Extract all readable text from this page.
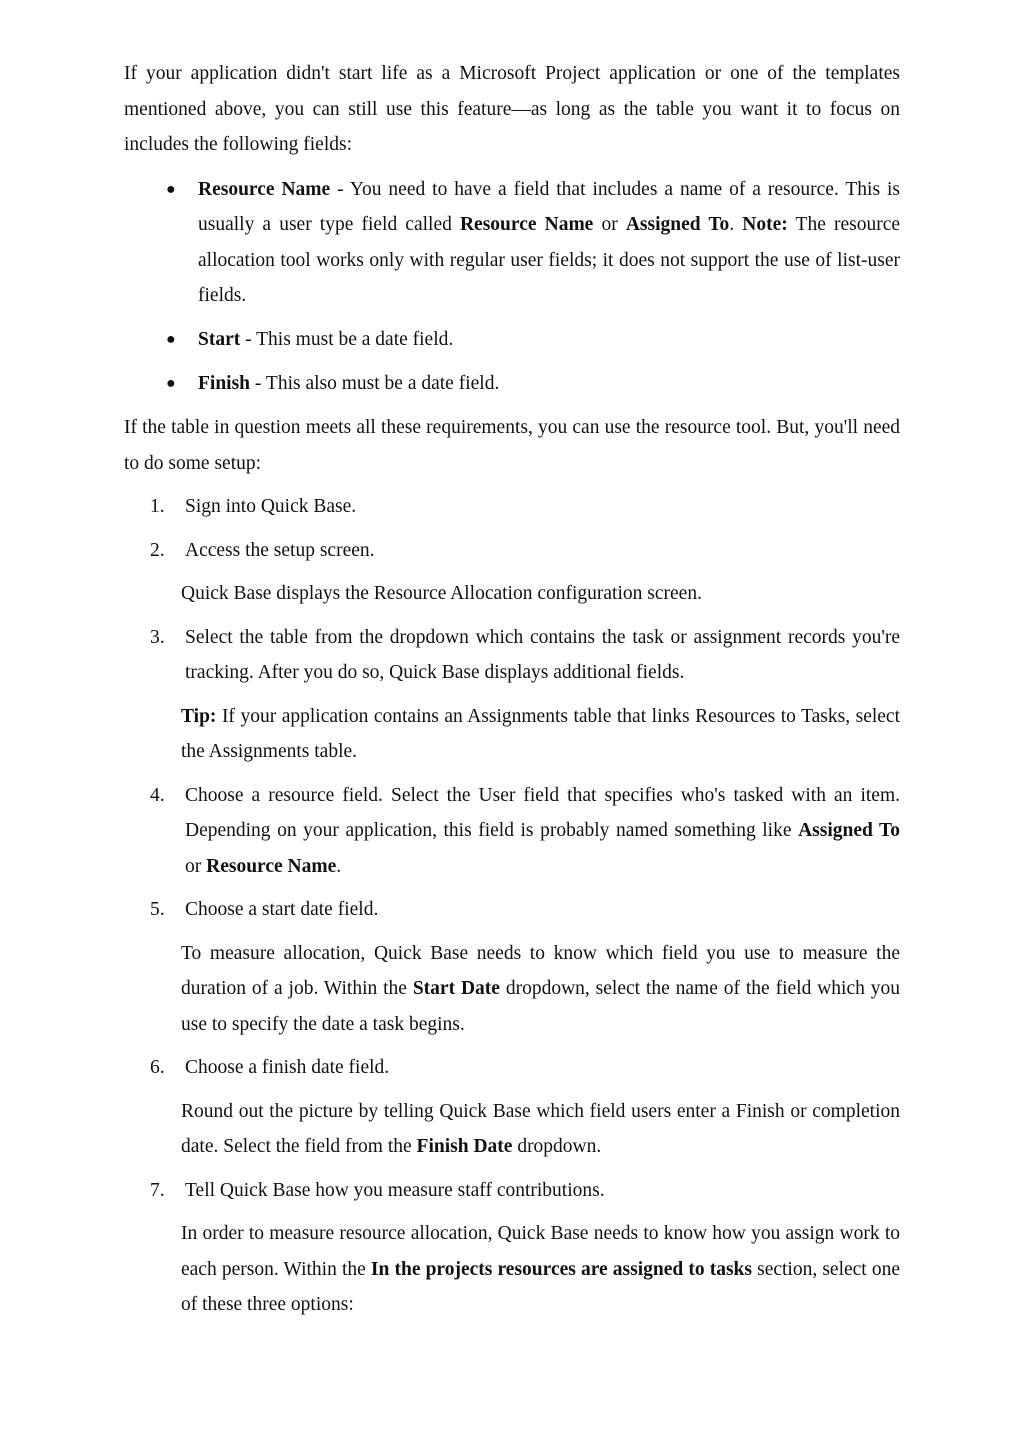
If your application didn't start life as a Microsoft Project application or one of the templates mentioned above, you can still use this feature—as long as the table you want it to focus on includes the following fields:

● Resource Name - You need to have a field that includes a name of a resource. This is usually a user type field called Resource Name or Assigned To. Note: The resource allocation tool works only with regular user fields; it does not support the use of list-user fields.
● Start - This must be a date field.
● Finish - This also must be a date field.

If the table in question meets all these requirements, you can use the resource tool. But, you'll need to do some setup:

1. Sign into Quick Base.

2. Access the setup screen.

Quick Base displays the Resource Allocation configuration screen.

3. Select the table from the dropdown which contains the task or assignment records you're tracking. After you do so, Quick Base displays additional fields.

Tip: If your application contains an Assignments table that links Resources to Tasks, select the Assignments table.

4. Choose a resource field. Select the User field that specifies who's tasked with an item. Depending on your application, this field is probably named something like Assigned To or Resource Name.

5. Choose a start date field.

To measure allocation, Quick Base needs to know which field you use to measure the duration of a job. Within the Start Date dropdown, select the name of the field which you use to specify the date a task begins.

6. Choose a finish date field.

Round out the picture by telling Quick Base which field users enter a Finish or completion date. Select the field from the Finish Date dropdown.

7. Tell Quick Base how you measure staff contributions.

In order to measure resource allocation, Quick Base needs to know how you assign work to each person. Within the In the projects resources are assigned to tasks section, select one of these three options:
